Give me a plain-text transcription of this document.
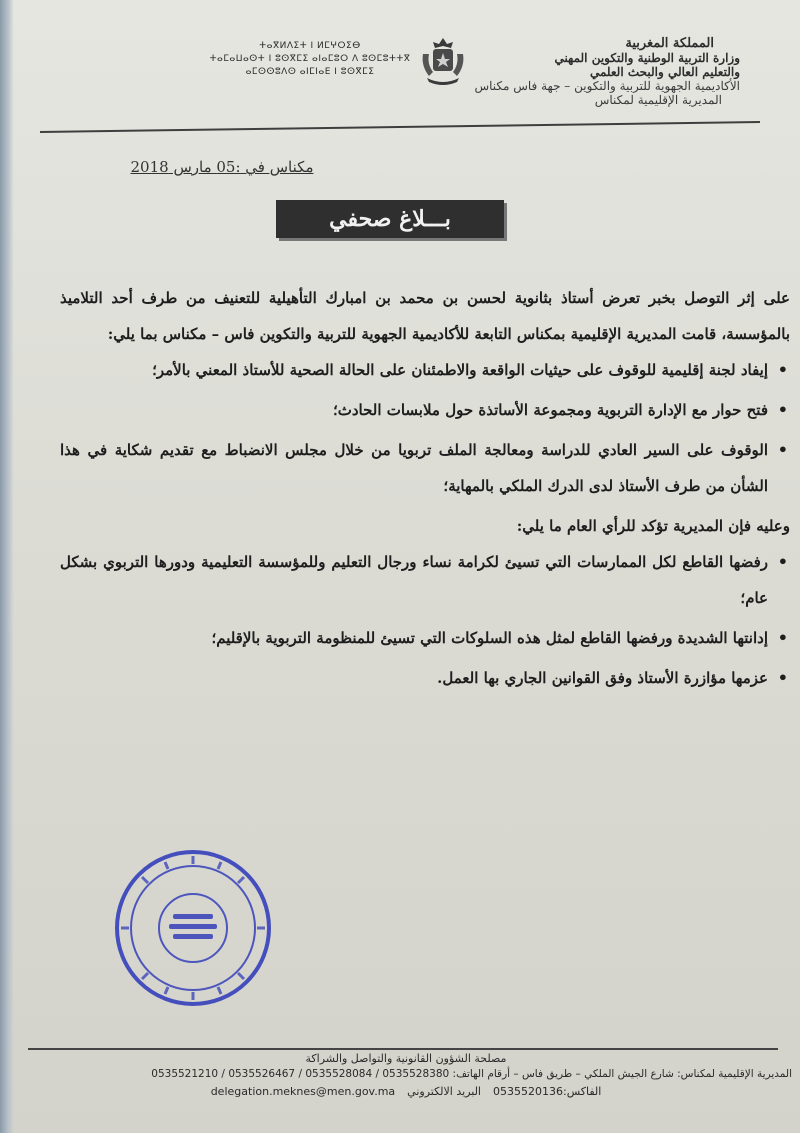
المملكة المغربية
وزارة التربية الوطنية والتكوين المهني
والتعليم العالي والبحث العلمي
الأكاديمية الجهوية للتربية والتكوين – جهة فاس مكناس
المديرية الإقليمية لمكناس
ⵜⴰⴳⵍⴷⵉⵜ ⵏ ⵍⵎⵖⵔⵉⴱ
ⵜⴰⵎⴰⵡⴰⵙⵜ ⵏ ⵓⵙⴳⵎⵉ ⴰⵏⴰⵎⵓⵔ ⴷ ⵓⵙⵎⵓⵜⵜⴳ
ⴰⵎⵙⵙⵓⴷⵙ ⴰⵏⵎⵏⴰⴹ ⵏ ⵓⵙⴳⵎⵉ
مكناس في :05 مارس 2018
بـــلاغ صحفي

على إثر التوصل بخبر تعرض أستاذ بثانوية لحسن بن محمد بن امبارك التأهيلية للتعنيف من طرف أحد التلاميذ بالمؤسسة، قامت المديرية الإقليمية بمكناس التابعة للأكاديمية الجهوية للتربية والتكوين فاس – مكناس بما يلي:

• إيفاد لجنة إقليمية للوقوف على حيثيات الواقعة والاطمئنان على الحالة الصحية للأستاذ المعني بالأمر؛
• فتح حوار مع الإدارة التربوية ومجموعة الأساتذة حول ملابسات الحادث؛
• الوقوف على السير العادي للدراسة ومعالجة الملف تربويا من خلال مجلس الانضباط مع تقديم شكاية في هذا الشأن من طرف الأستاذ لدى الدرك الملكي بالمهاية؛

وعليه فإن المديرية تؤكد للرأي العام ما يلي:

• رفضها القاطع لكل الممارسات التي تسيئ لكرامة نساء ورجال التعليم وللمؤسسة التعليمية ودورها التربوي بشكل عام؛
• إدانتها الشديدة ورفضها القاطع لمثل هذه السلوكات التي تسيئ للمنظومة التربوية بالإقليم؛
• عزمها مؤازرة الأستاذ وفق القوانين الجاري بها العمل.
مصلحة الشؤون القانونية والتواصل والشراكة
المديرية الإقليمية لمكناس: شارع الجيش الملكي – طريق فاس – أرقام الهاتف: 0535528380 / 0535528084 / 0535526467 / 0535521210
delegation.meknes@men.gov.ma البريد الالكتروني الفاكس:0535520136
